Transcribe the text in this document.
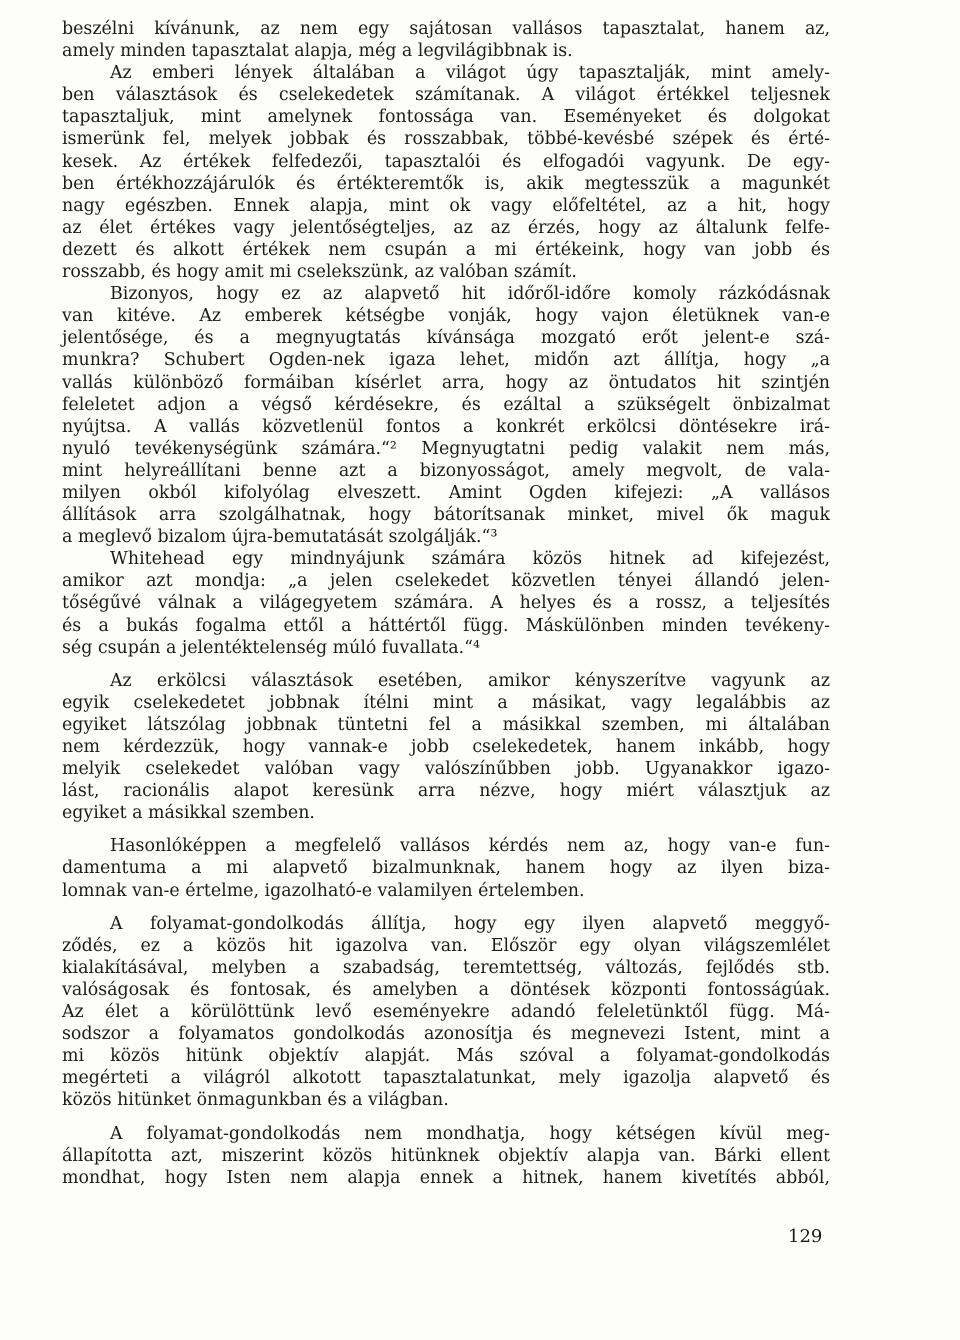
beszélni kívánunk, az nem egy sajátosan vallásos tapasztalat, hanem az,
amely minden tapasztalat alapja, még a legvilágibbnak is.
Az emberi lények általában a világot úgy tapasztalják, mint amely-
ben választások és cselekedetek számítanak. A világot értékkel teljesnek
tapasztaljuk, mint amelynek fontossága van. Eseményeket és dolgokat
ismerünk fel, melyek jobbak és rosszabbak, többé-kevésbé szépek és érté-
kesek. Az értékek felfedezői, tapasztalói és elfogadói vagyunk. De egy-
ben értékhozzájárulók és értékteremtők is, akik megtesszük a magunkét
nagy egészben. Ennek alapja, mint ok vagy előfeltétel, az a hit, hogy
az élet értékes vagy jelentőségteljes, az az érzés, hogy az általunk felfe-
dezett és alkott értékek nem csupán a mi értékeink, hogy van jobb és
rosszabb, és hogy amit mi cselekszünk, az valóban számít.
Bizonyos, hogy ez az alapvető hit időről-időre komoly rázkódásnak
van kitéve. Az emberek kétségbe vonják, hogy vajon életüknek van-e
jelentősége, és a megnyugtatás kívánsága mozgató erőt jelent-e szá-
munkra? Schubert Ogden-nek igaza lehet, midőn azt állítja, hogy „a
vallás különböző formáiban kísérlet arra, hogy az öntudatos hit szintjén
feleletet adjon a végső kérdésekre, és ezáltal a szükségelt önbizalmat
nyújtsa. A vallás közvetlenül fontos a konkrét erkölcsi döntésekre irá-
nyuló tevékenységünk számára.“² Megnyugtatni pedig valakit nem más,
mint helyreállítani benne azt a bizonyosságot, amely megvolt, de vala-
milyen okból kifolyólag elveszett. Amint Ogden kifejezi: „A vallásos
állítások arra szolgálhatnak, hogy bátorítsanak minket, mivel ők maguk
a meglevő bizalom újra-bemutatását szolgálják.“³
Whitehead egy mindnyájunk számára közös hitnek ad kifejezést,
amikor azt mondja: „a jelen cselekedet közvetlen tényei állandó jelen-
tőségűvé válnak a világegyetem számára. A helyes és a rossz, a teljesítés
és a bukás fogalma ettől a háttértől függ. Máskülönben minden tevékeny-
ség csupán a jelentéktelenség múló fuvallata.“⁴
Az erkölcsi választások esetében, amikor kényszerítve vagyunk az
egyik cselekedetet jobbnak ítélni mint a másikat, vagy legalábbis az
egyiket látszólag jobbnak tüntetni fel a másikkal szemben, mi általában
nem kérdezzük, hogy vannak-e jobb cselekedetek, hanem inkább, hogy
melyik cselekedet valóban vagy valószínűbben jobb. Ugyanakkor igazo-
lást, racionális alapot keresünk arra nézve, hogy miért választjuk az
egyiket a másikkal szemben.
Hasonlóképpen a megfelelő vallásos kérdés nem az, hogy van-e fun-
damentuma a mi alapvető bizalmunknak, hanem hogy az ilyen biza-
lomnak van-e értelme, igazolható-e valamilyen értelemben.
A folyamat-gondolkodás állítja, hogy egy ilyen alapvető meggyő-
ződés, ez a közös hit igazolva van. Először egy olyan világszemlélet
kialakításával, melyben a szabadság, teremtettség, változás, fejlődés stb.
valóságosak és fontosak, és amelyben a döntések központi fontosságúak.
Az élet a körülöttünk levő eseményekre adandó feleletünktől függ. Má-
sodszor a folyamatos gondolkodás azonosítja és megnevezi Istent, mint a
mi közös hitünk objektív alapját. Más szóval a folyamat-gondolkodás
megérteti a világról alkotott tapasztalatunkat, mely igazolja alapvető és
közös hitünket önmagunkban és a világban.
A folyamat-gondolkodás nem mondhatja, hogy kétségen kívül meg-
állapította azt, miszerint közös hitünknek objektív alapja van. Bárki ellent
mondhat, hogy Isten nem alapja ennek a hitnek, hanem kivetítés abból,
129
